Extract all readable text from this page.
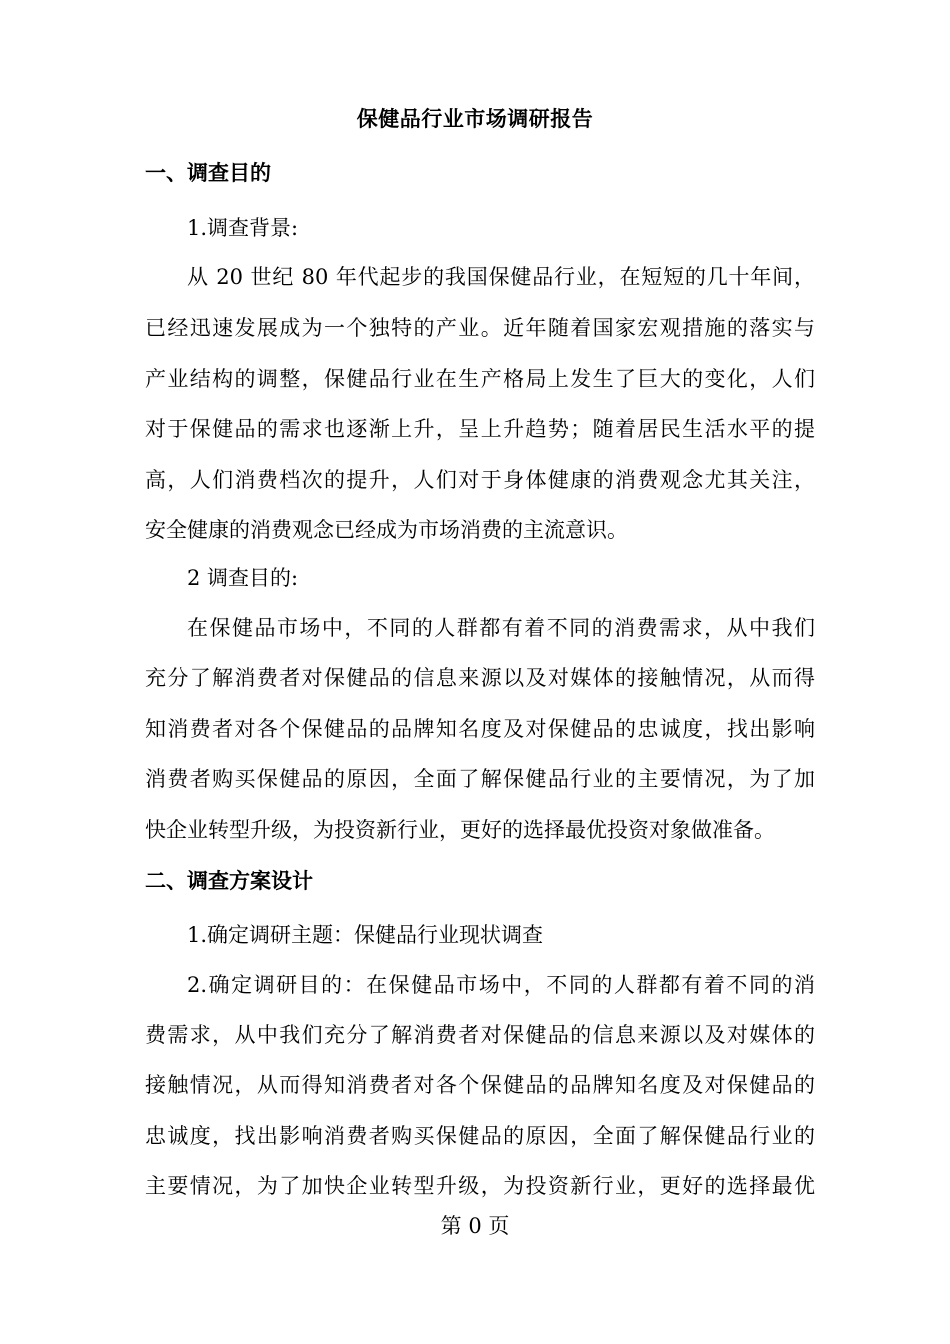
保健品行业市场调研报告
一、调查目的
1.调查背景:
从 20 世纪 80 年代起步的我国保健品行业，在短短的几十年间，
已经迅速发展成为一个独特的产业。近年随着国家宏观措施的落实与
产业结构的调整，保健品行业在生产格局上发生了巨大的变化，人们
对于保健品的需求也逐渐上升，呈上升趋势；随着居民生活水平的提
高，人们消费档次的提升，人们对于身体健康的消费观念尤其关注，
安全健康的消费观念已经成为市场消费的主流意识。
2 调查目的:
在保健品市场中，不同的人群都有着不同的消费需求，从中我们
充分了解消费者对保健品的信息来源以及对媒体的接触情况，从而得
知消费者对各个保健品的品牌知名度及对保健品的忠诚度，找出影响
消费者购买保健品的原因，全面了解保健品行业的主要情况，为了加
快企业转型升级，为投资新行业，更好的选择最优投资对象做准备。
二、调查方案设计
1.确定调研主题：保健品行业现状调查
2.确定调研目的：在保健品市场中，不同的人群都有着不同的消
费需求，从中我们充分了解消费者对保健品的信息来源以及对媒体的
接触情况，从而得知消费者对各个保健品的品牌知名度及对保健品的
忠诚度，找出影响消费者购买保健品的原因，全面了解保健品行业的
主要情况，为了加快企业转型升级，为投资新行业，更好的选择最优
第 0 页
